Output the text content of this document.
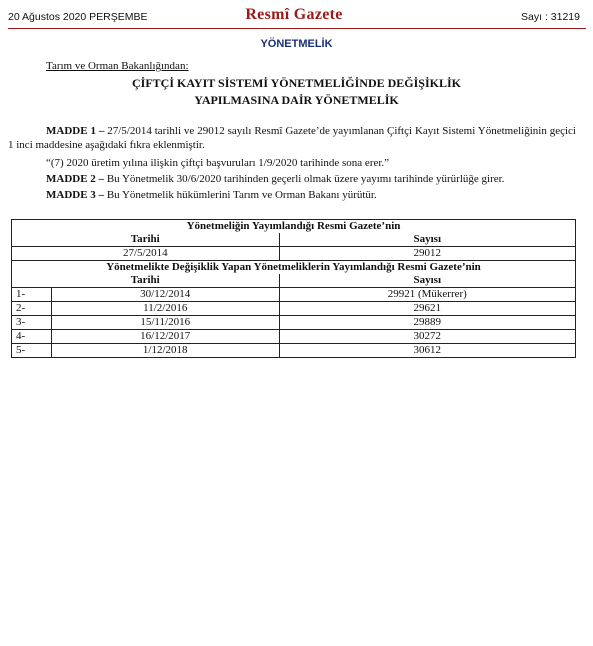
20 Ağustos 2020 PERŞEMBE	Resmî Gazete	Sayı : 31219
YÖNETMELİK
Tarım ve Orman Bakanlığından:
ÇİFTÇİ KAYIT SİSTEMİ YÖNETMELİĞİNDE DEĞİŞİKLİK
YAPILMASINA DAİR YÖNETMELİK
MADDE 1 – 27/5/2014 tarihli ve 29012 sayılı Resmî Gazete’de yayımlanan Çiftçi Kayıt Sistemi Yönetmeliğinin geçici 1 inci maddesine aşağıdaki fıkra eklenmiştir.
“(7) 2020 üretim yılına ilişkin çiftçi başvuruları 1/9/2020 tarihinde sona erer.”
MADDE 2 – Bu Yönetmelik 30/6/2020 tarihinden geçerli olmak üzere yayımı tarihinde yürürlüğe girer.
MADDE 3 – Bu Yönetmelik hükümlerini Tarım ve Orman Bakanı yürütür.
Yönetmeliğin Yayımlandığı Resmi Gazete’nin		
Tarihi		Sayısı
27/5/2014		29012
Yönetmelikte Değişiklik Yapan Yönetmeliklerin Yayımlandığı Resmi Gazete’nin		
Tarihi		Sayısı
1-	30/12/2014	29921 (Mükerrer)
2-	11/2/2016	29621
3-	15/11/2016	29889
4-	16/12/2017	30272
5-	1/12/2018	30612
